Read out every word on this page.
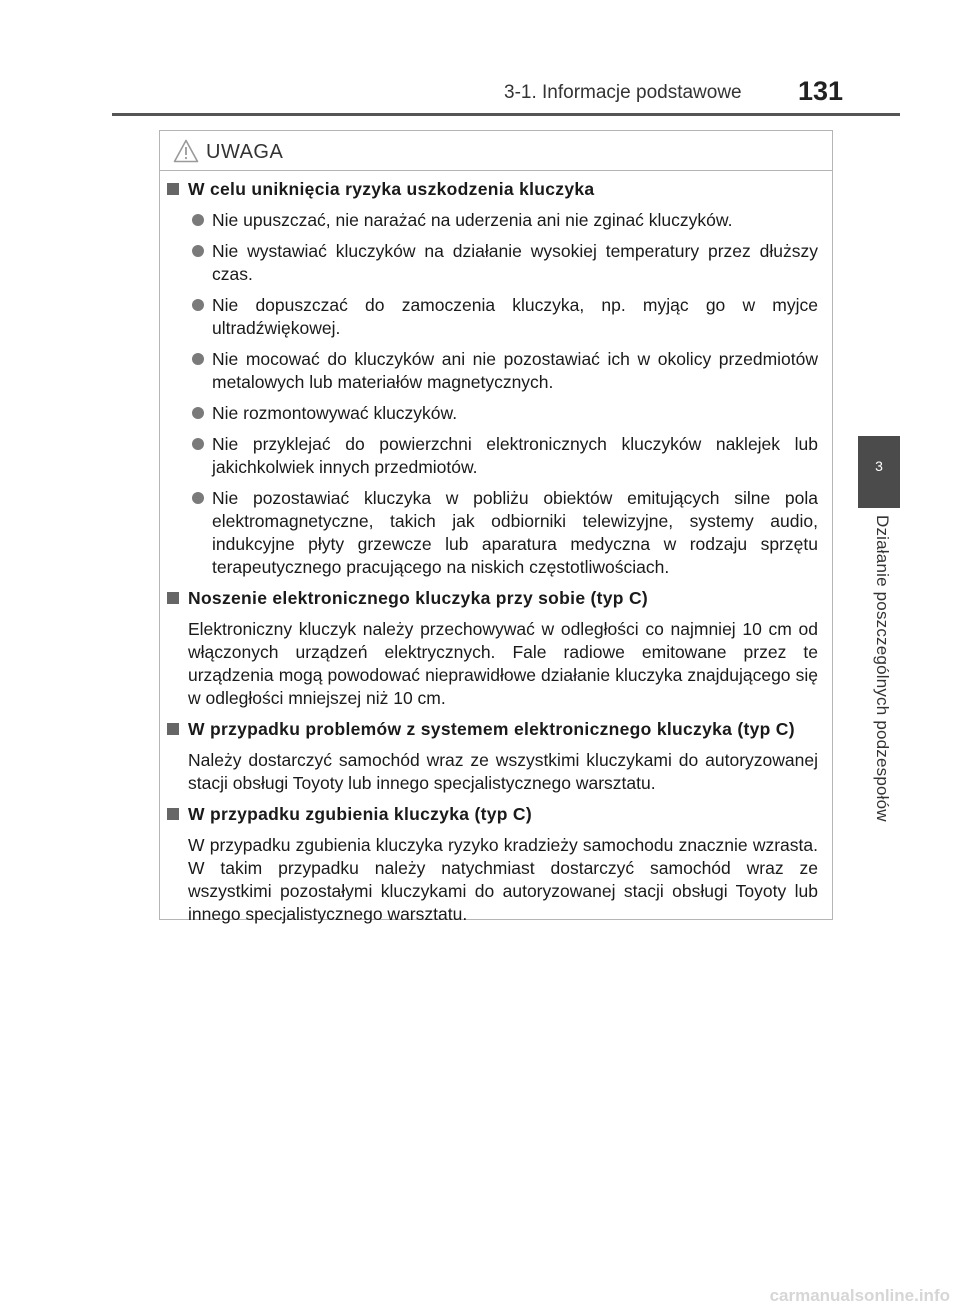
3-1. Informacje podstawowe 131
3
Działanie poszczególnych podzespołów
UWAGA
W celu uniknięcia ryzyka uszkodzenia kluczyka
Nie upuszczać, nie narażać na uderzenia ani nie zginać kluczyków.
Nie wystawiać kluczyków na działanie wysokiej temperatury przez dłuższy czas.
Nie dopuszczać do zamoczenia kluczyka, np. myjąc go w myjce ultradźwiękowej.
Nie mocować do kluczyków ani nie pozostawiać ich w okolicy przedmiotów metalowych lub materiałów magnetycznych.
Nie rozmontowywać kluczyków.
Nie przyklejać do powierzchni elektronicznych kluczyków naklejek lub jakichkolwiek innych przedmiotów.
Nie pozostawiać kluczyka w pobliżu obiektów emitujących silne pola elektromagnetyczne, takich jak odbiorniki telewizyjne, systemy audio, indukcyjne płyty grzewcze lub aparatura medyczna w rodzaju sprzętu terapeutycznego pracującego na niskich częstotliwościach.
Noszenie elektronicznego kluczyka przy sobie (typ C)
Elektroniczny kluczyk należy przechowywać w odległości co najmniej 10 cm od włączonych urządzeń elektrycznych. Fale radiowe emitowane przez te urządzenia mogą powodować nieprawidłowe działanie kluczyka znajdującego się w odległości mniejszej niż 10 cm.
W przypadku problemów z systemem elektronicznego kluczyka (typ C)
Należy dostarczyć samochód wraz ze wszystkimi kluczykami do autoryzowanej stacji obsługi Toyoty lub innego specjalistycznego warsztatu.
W przypadku zgubienia kluczyka (typ C)
W przypadku zgubienia kluczyka ryzyko kradzieży samochodu znacznie wzrasta. W takim przypadku należy natychmiast dostarczyć samochód wraz ze wszystkimi pozostałymi kluczykami do autoryzowanej stacji obsługi Toyoty lub innego specjalistycznego warsztatu.
carmanualsonline.info
